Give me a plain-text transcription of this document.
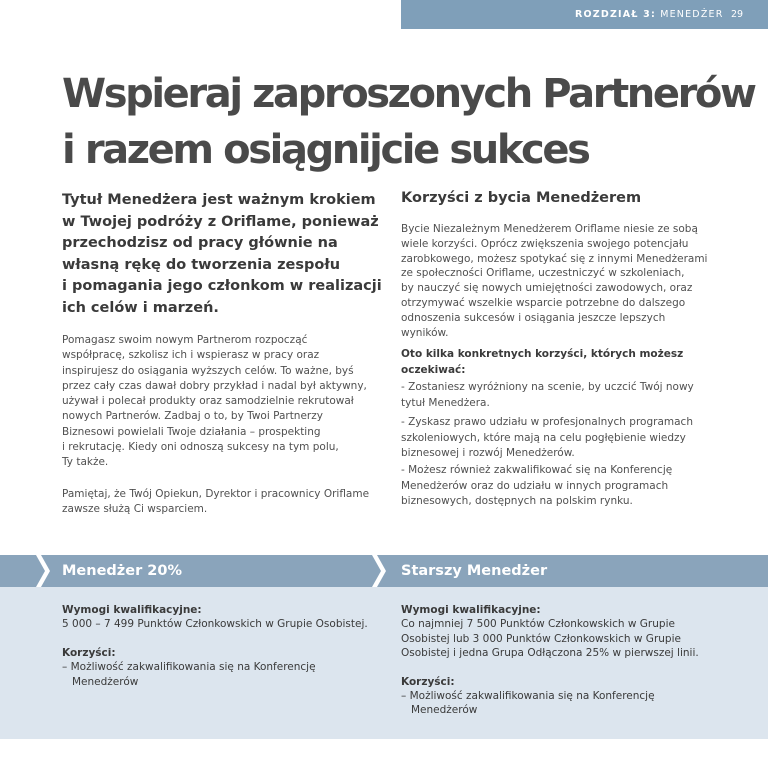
ROZDZIAŁ 3: MENEDŻER 29
Wspieraj zaproszonych Partnerów
i razem osiągnijcie sukces
Tytuł Menedżera jest ważnym krokiem
w Twojej podróży z Oriflame, ponieważ
przechodzisz od pracy głównie na
własną rękę do tworzenia zespołu
i pomagania jego członkom w realizacji
ich celów i marzeń.
Pomagasz swoim nowym Partnerom rozpocząć
współpracę, szkolisz ich i wspierasz w pracy oraz
inspirujesz do osiągania wyższych celów. To ważne, byś
przez cały czas dawał dobry przykład i nadal był aktywny,
używał i polecał produkty oraz samodzielnie rekrutował
nowych Partnerów. Zadbaj o to, by Twoi Partnerzy
Biznesowi powielali Twoje działania – prospekting
i rekrutację. Kiedy oni odnoszą sukcesy na tym polu,
Ty także.
Pamiętaj, że Twój Opiekun, Dyrektor i pracownicy Oriflame
zawsze służą Ci wsparciem.
Korzyści z bycia Menedżerem
Bycie Niezależnym Menedżerem Oriflame niesie ze sobą
wiele korzyści. Oprócz zwiększenia swojego potencjału
zarobkowego, możesz spotykać się z innymi Menedżerami
ze społeczności Oriflame, uczestniczyć w szkoleniach,
by nauczyć się nowych umiejętności zawodowych, oraz
otrzymywać wszelkie wsparcie potrzebne do dalszego
odnoszenia sukcesów i osiągania jeszcze lepszych
wyników.
Oto kilka konkretnych korzyści, których możesz
oczekiwać:
- Zostaniesz wyróżniony na scenie, by uczcić Twój nowy
tytuł Menedżera.
- Zyskasz prawo udziału w profesjonalnych programach
szkoleniowych, które mają na celu pogłębienie wiedzy
biznesowej i rozwój Menedżerów.
- Możesz również zakwalifikować się na Konferencję
Menedżerów oraz do udziału w innych programach
biznesowych, dostępnych na polskim rynku.
Menedżer 20%	Starszy Menedżer
Wymogi kwalifikacyjne:
5 000 – 7 499 Punktów Członkowskich w Grupie Osobistej.
Korzyści:
– Możliwość zakwalifikowania się na Konferencję
Menedżerów
Wymogi kwalifikacyjne:
Co najmniej 7 500 Punktów Członkowskich w Grupie
Osobistej lub 3 000 Punktów Członkowskich w Grupie
Osobistej i jedna Grupa Odłączona 25% w pierwszej linii.
Korzyści:
– Możliwość zakwalifikowania się na Konferencję
Menedżerów
